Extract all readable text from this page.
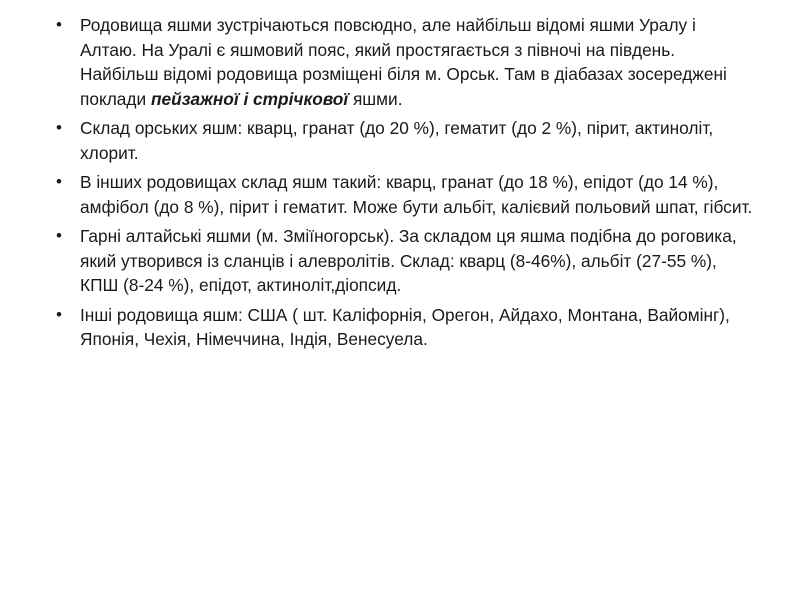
•	Родовища яшми зустрічаються повсюдно, але найбільш відомі яшми Уралу і Алтаю. На Уралі є яшмовий пояс, який простягається з півночі на південь. Найбільш відомі родовища розміщені біля м. Орськ. Там в діабазах зосереджені поклади пейзажної і стрічкової яшми.
•	Склад орських яшм: кварц, гранат (до 20 %), гематит (до 2 %), пірит, актиноліт, хлорит.
•	В інших родовищах склад яшм такий: кварц, гранат (до 18 %), епідот (до 14 %), амфібол (до 8 %), пірит і гематит. Може бути альбіт, калієвий польовий шпат, гібсит.
•	Гарні алтайські яшми (м. Зміїногорськ). За складом ця яшма подібна до роговика, який утворився із сланців і алевролітів. Склад: кварц (8-46%), альбіт (27-55 %), КПШ (8-24 %), епідот, актиноліт,діопсид.
•	Інші родовища яшм: США ( шт. Каліфорнія, Орегон, Айдахо, Монтана, Вайомінг), Японія, Чехія, Німеччина, Індія, Венесуела.
